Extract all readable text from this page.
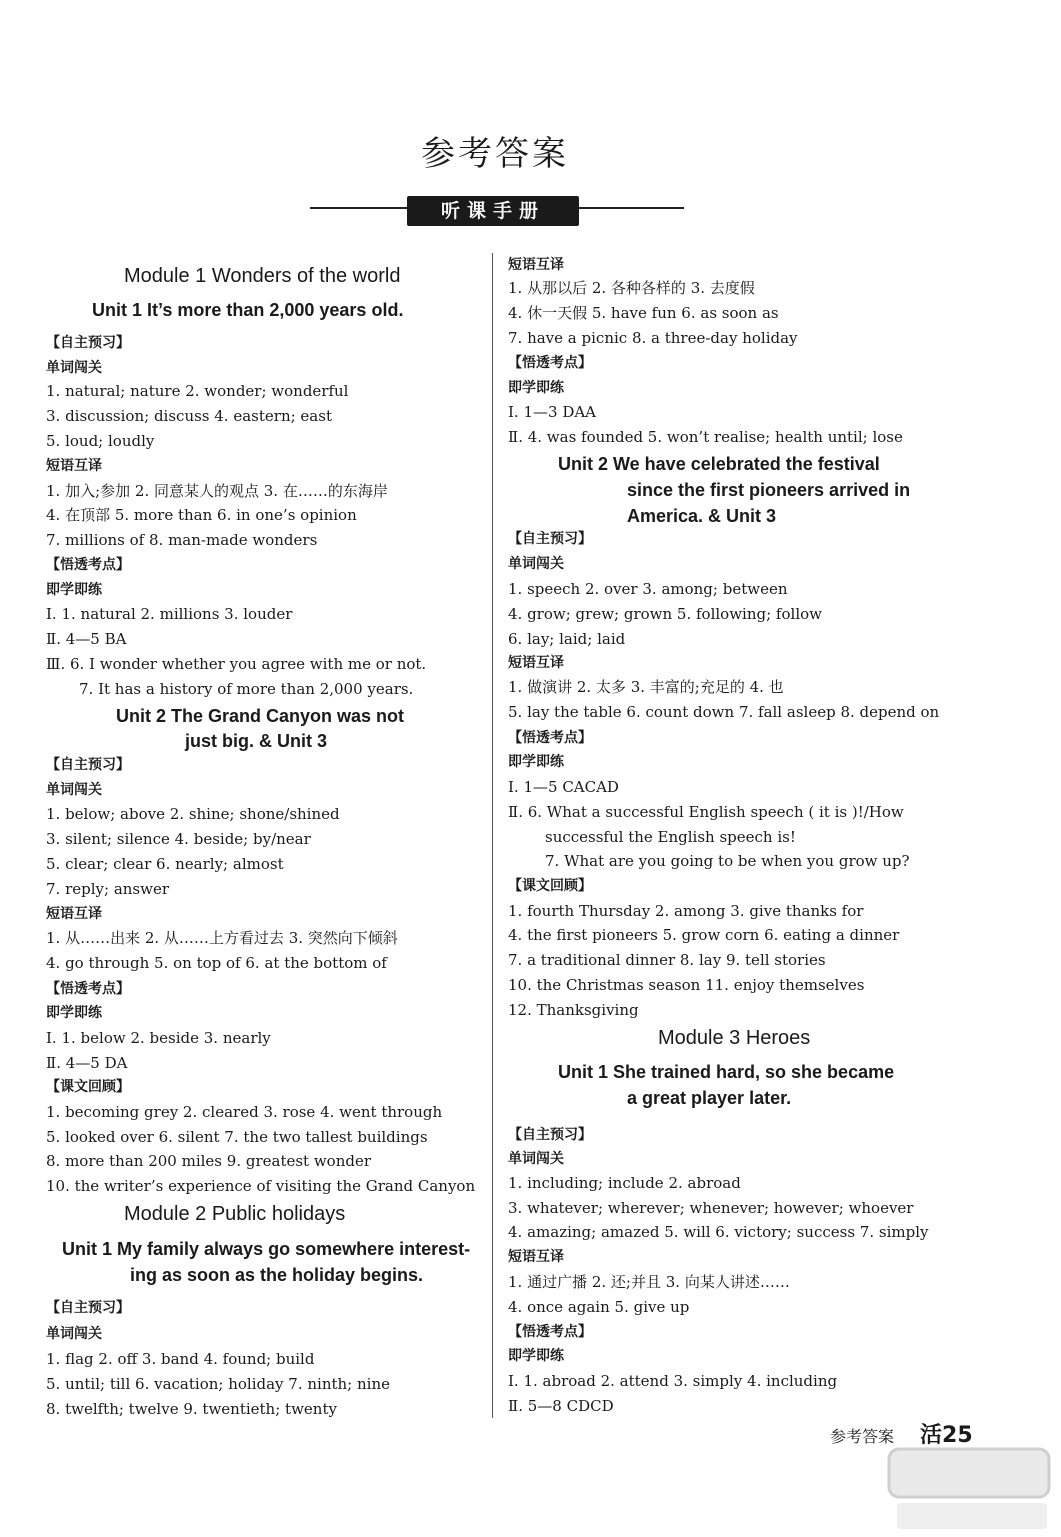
参考答案
听课手册
Module 1 Wonders of the world
Unit 1 It’s more than 2,000 years old.
【自主预习】
单词闯关
1. natural; nature 2. wonder; wonderful
3. discussion; discuss 4. eastern; east
5. loud; loudly
短语互译
1. 加入;参加 2. 同意某人的观点 3. 在……的东海岸
4. 在顶部 5. more than 6. in one’s opinion
7. millions of 8. man-made wonders
【悟透考点】
即学即练
Ⅰ. 1. natural 2. millions 3. louder
Ⅱ. 4—5 BA
Ⅲ. 6. I wonder whether you agree with me or not.
7. It has a history of more than 2,000 years.
Unit 2 The Grand Canyon was not
just big. & Unit 3
【自主预习】
单词闯关
1. below; above 2. shine; shone/shined
3. silent; silence 4. beside; by/near
5. clear; clear 6. nearly; almost
7. reply; answer
短语互译
1. 从……出来 2. 从……上方看过去 3. 突然向下倾斜
4. go through 5. on top of 6. at the bottom of
【悟透考点】
即学即练
Ⅰ. 1. below 2. beside 3. nearly
Ⅱ. 4—5 DA
【课文回顾】
1. becoming grey 2. cleared 3. rose 4. went through
5. looked over 6. silent 7. the two tallest buildings
8. more than 200 miles 9. greatest wonder
10. the writer’s experience of visiting the Grand Canyon
Module 2 Public holidays
Unit 1 My family always go somewhere interest-
ing as soon as the holiday begins.
【自主预习】
单词闯关
1. flag 2. off 3. band 4. found; build
5. until; till 6. vacation; holiday 7. ninth; nine
8. twelfth; twelve 9. twentieth; twenty
短语互译
1. 从那以后 2. 各种各样的 3. 去度假
4. 休一天假 5. have fun 6. as soon as
7. have a picnic 8. a three-day holiday
【悟透考点】
即学即练
Ⅰ. 1—3 DAA
Ⅱ. 4. was founded 5. won’t realise; health until; lose
Unit 2 We have celebrated the festival
since the first pioneers arrived in
America. & Unit 3
【自主预习】
单词闯关
1. speech 2. over 3. among; between
4. grow; grew; grown 5. following; follow
6. lay; laid; laid
短语互译
1. 做演讲 2. 太多 3. 丰富的;充足的 4. 也
5. lay the table 6. count down 7. fall asleep 8. depend on
【悟透考点】
即学即练
Ⅰ. 1—5 CACAD
Ⅱ. 6. What a successful English speech ( it is )!/How
successful the English speech is!
7. What are you going to be when you grow up?
【课文回顾】
1. fourth Thursday 2. among 3. give thanks for
4. the first pioneers 5. grow corn 6. eating a dinner
7. a traditional dinner 8. lay 9. tell stories
10. the Christmas season 11. enjoy themselves
12. Thanksgiving
Module 3 Heroes
Unit 1 She trained hard, so she became
a great player later.
【自主预习】
单词闯关
1. including; include 2. abroad
3. whatever; wherever; whenever; however; whoever
4. amazing; amazed 5. will 6. victory; success 7. simply
短语互译
1. 通过广播 2. 还;并且 3. 向某人讲述……
4. once again 5. give up
【悟透考点】
即学即练
Ⅰ. 1. abroad 2. attend 3. simply 4. including
Ⅱ. 5—8 CDCD
参考答案 活25
